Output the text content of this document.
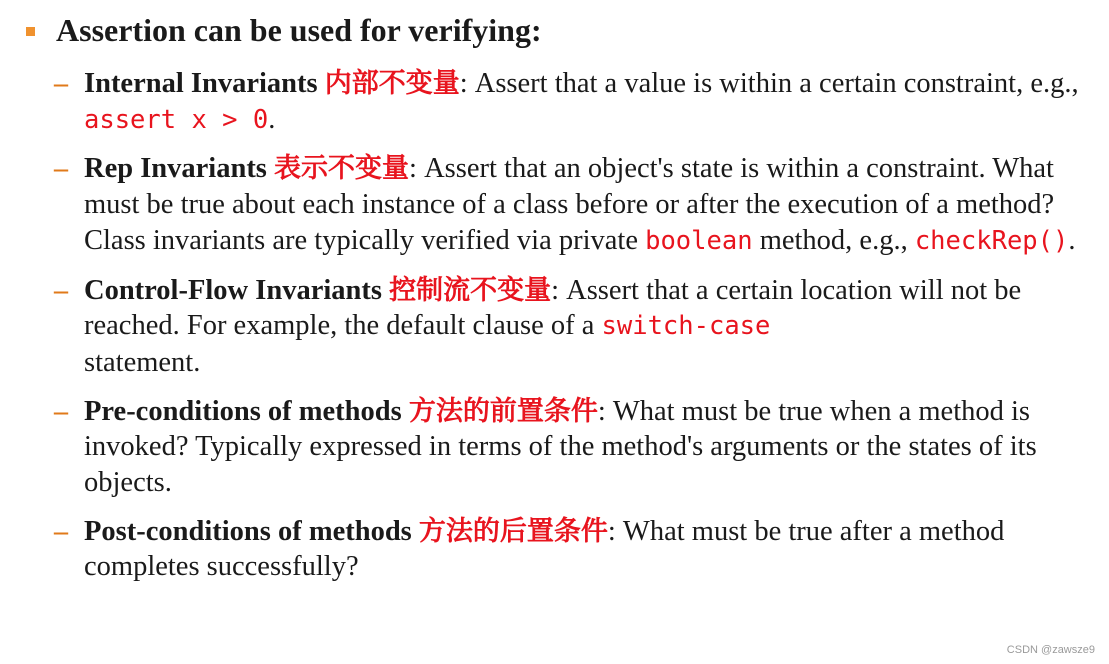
Assertion can be used for verifying:
– Internal Invariants 内部不变量: Assert that a value is within a certain constraint, e.g., assert x > 0.
– Rep Invariants 表示不变量: Assert that an object's state is within a constraint. What must be true about each instance of a class before or after the execution of a method? Class invariants are typically verified via private boolean method, e.g., checkRep().
– Control-Flow Invariants 控制流不变量: Assert that a certain location will not be reached. For example, the default clause of a switch-case
statement.
– Pre-conditions of methods 方法的前置条件: What must be true when a method is invoked? Typically expressed in terms of the method's arguments or the states of its objects.
– Post-conditions of methods 方法的后置条件: What must be true after a method completes successfully?
CSDN @zawsze9
